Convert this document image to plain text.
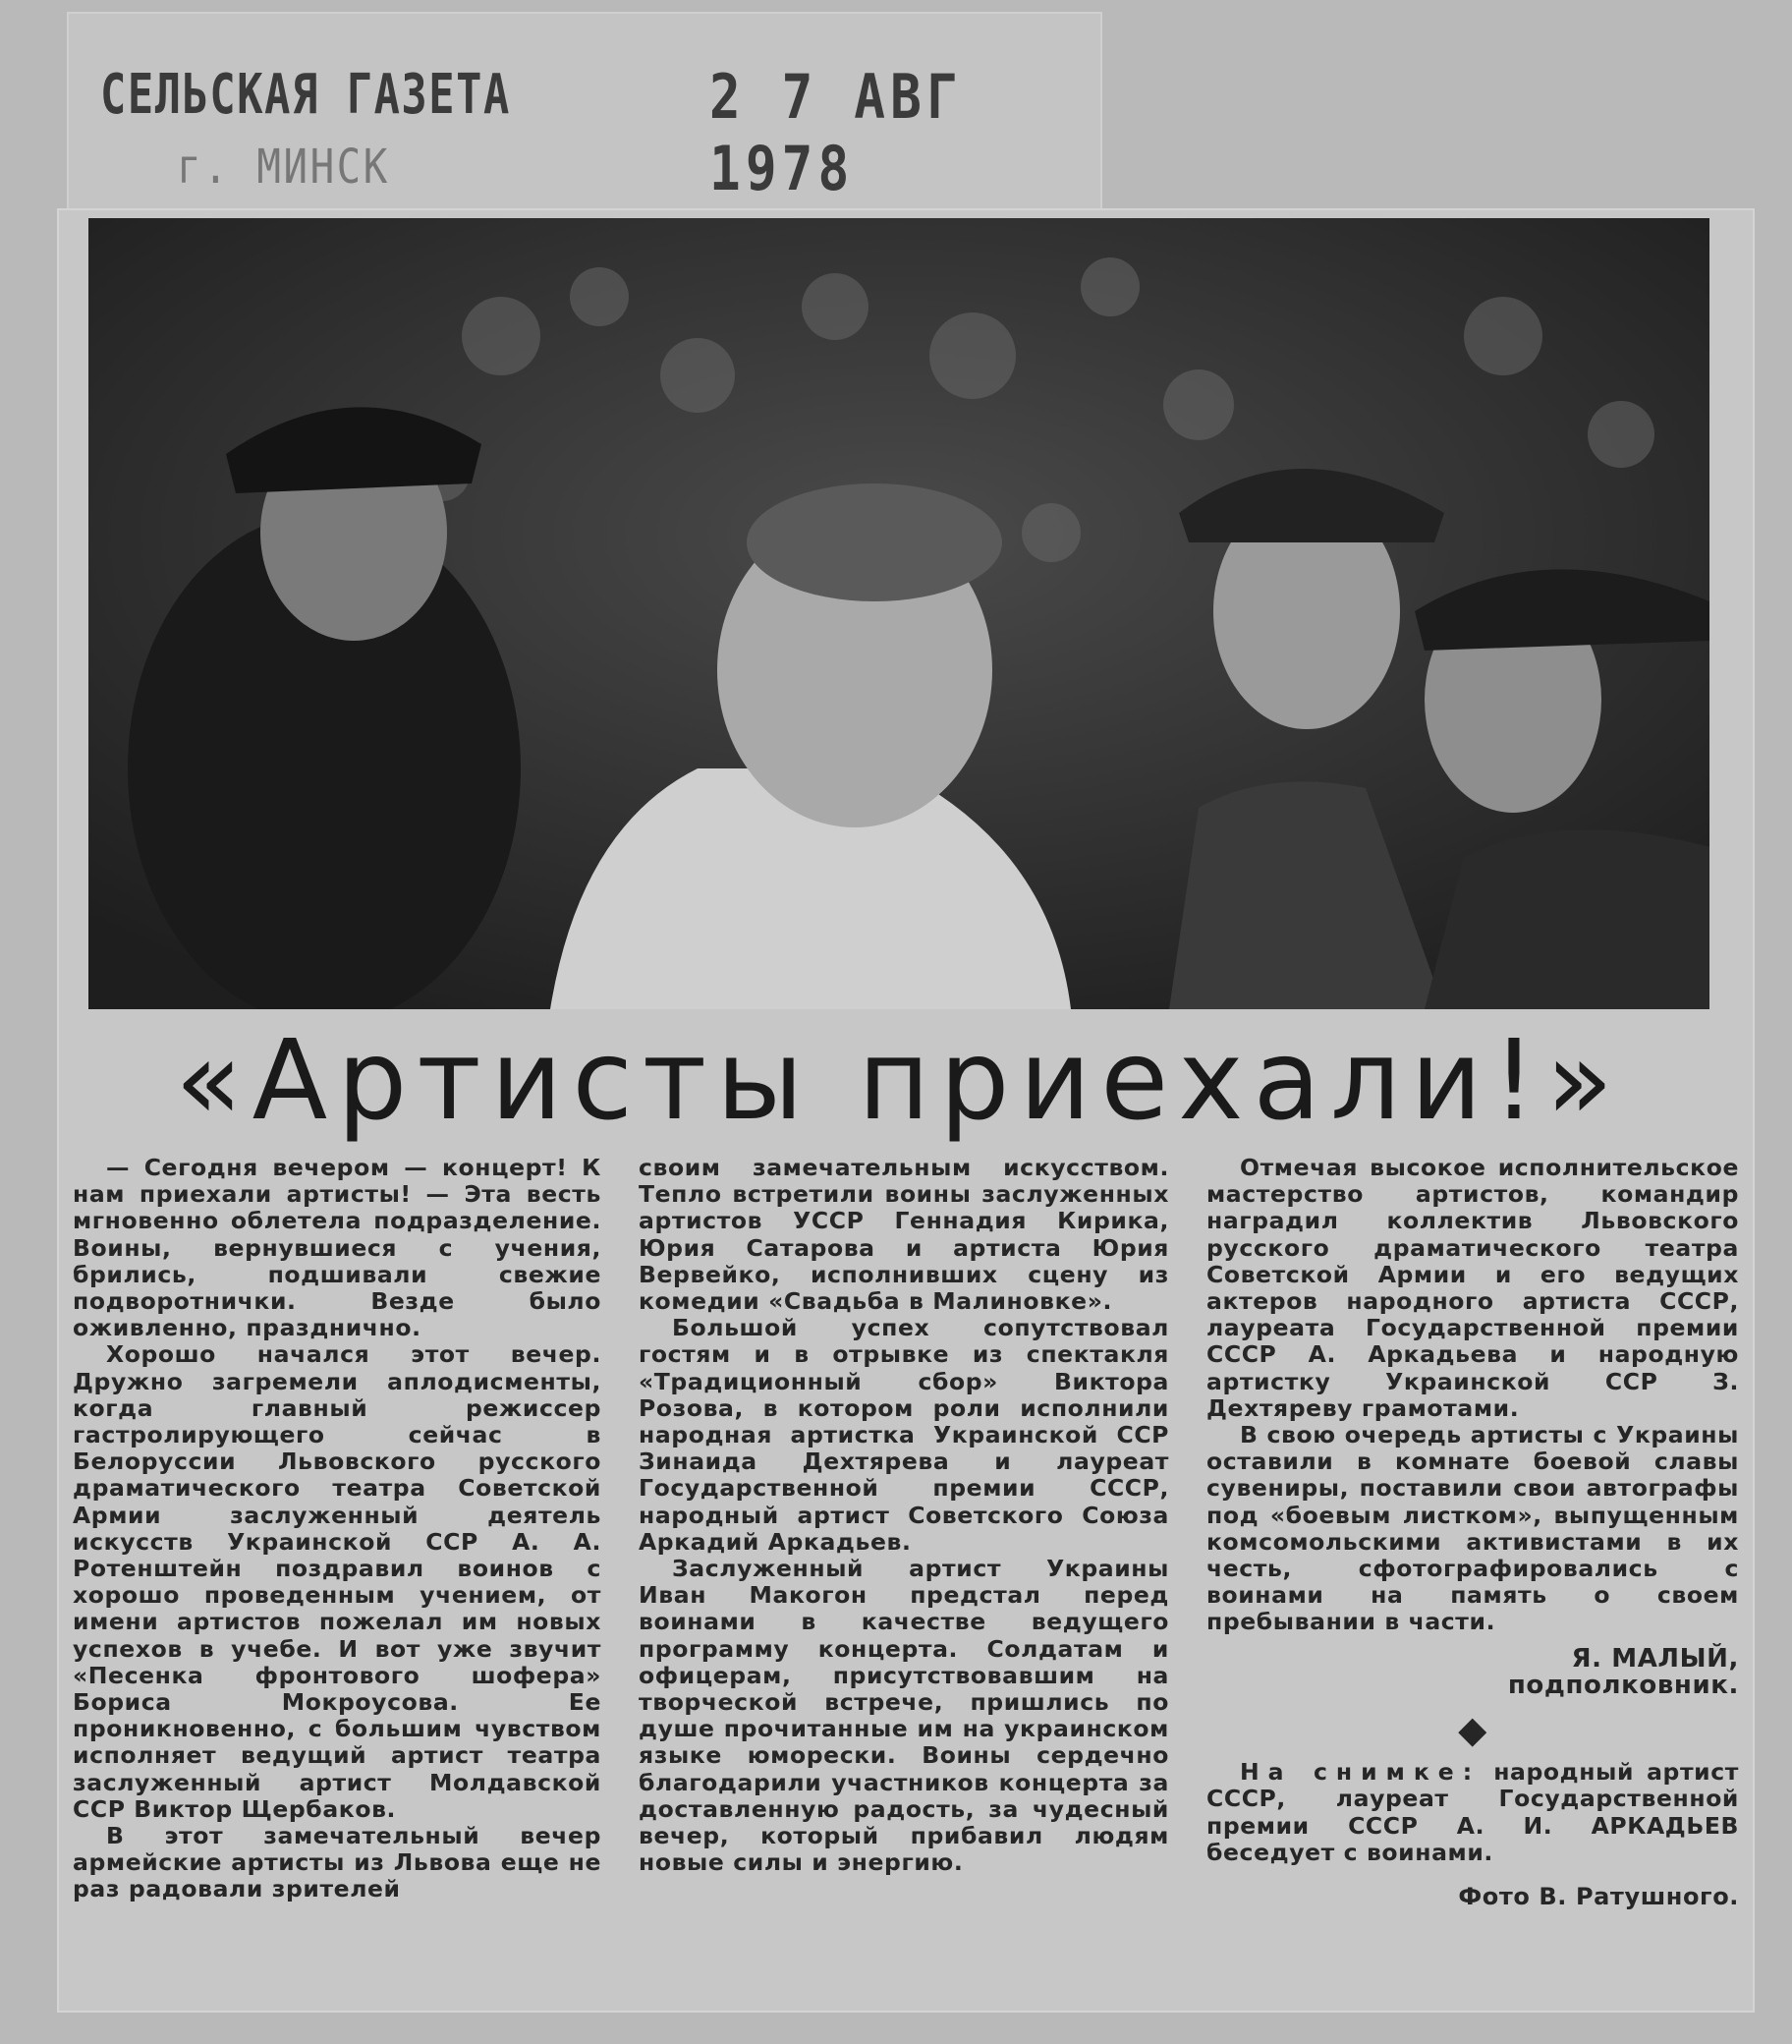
СЕЛЬСКАЯ ГАЗЕТА
г. МИНСК
2 7 АВГ 1978
«Артисты приехали!»

— Сегодня вечером — концерт! К нам приехали артисты! — Эта весть мгновенно облетела подразделение. Воины, вернувшиеся с учения, брились, подшивали свежие подворотнички. Везде было оживленно, празднично.

Хорошо начался этот вечер. Дружно загремели аплодисменты, когда главный режиссер гастролирующего сейчас в Белоруссии Львовского русского драматического театра Советской Армии заслуженный деятель искусств Украинской ССР А. А. Ротенштейн поздравил воинов с хорошо проведенным учением, от имени артистов пожелал им новых успехов в учебе. И вот уже звучит «Песенка фронтового шофера» Бориса Мокроусова. Ее проникновенно, с большим чувством исполняет ведущий артист театра заслуженный артист Молдавской ССР Виктор Щербаков.

В этот замечательный вечер армейские артисты из Львова еще не раз радовали зрителей

своим замечательным искусством. Тепло встретили воины заслуженных артистов УССР Геннадия Кирика, Юрия Сатарова и артиста Юрия Вервейко, исполнивших сцену из комедии «Свадьба в Малиновке».

Большой успех сопутствовал гостям и в отрывке из спектакля «Традиционный сбор» Виктора Розова, в котором роли исполнили народная артистка Украинской ССР Зинаида Дехтярева и лауреат Государственной премии СССР, народный артист Советского Союза Аркадий Аркадьев.

Заслуженный артист Украины Иван Макогон предстал перед воинами в качестве ведущего программу концерта. Солдатам и офицерам, присутствовавшим на творческой встрече, пришлись по душе прочитанные им на украинском языке юморески. Воины сердечно благодарили участников концерта за доставленную радость, за чудесный вечер, который прибавил людям новые силы и энергию.

Отмечая высокое исполнительское мастерство артистов, командир наградил коллектив Львовского русского драматического театра Советской Армии и его ведущих актеров народного артиста СССР, лауреата Государственной премии СССР А. Аркадьева и народную артистку Украинской ССР З. Дехтяреву грамотами.

В свою очередь артисты с Украины оставили в комнате боевой славы сувениры, поставили свои автографы под «боевым листком», выпущенным комсомольскими активистами в их честь, сфотографировались с воинами на память о своем пребывании в части.

Я. МАЛЫЙ,
подполковник.
◆

На снимке: народный артист СССР, лауреат Государственной премии СССР А. И. АРКАДЬЕВ беседует с воинами.

Фото В. Ратушного.
